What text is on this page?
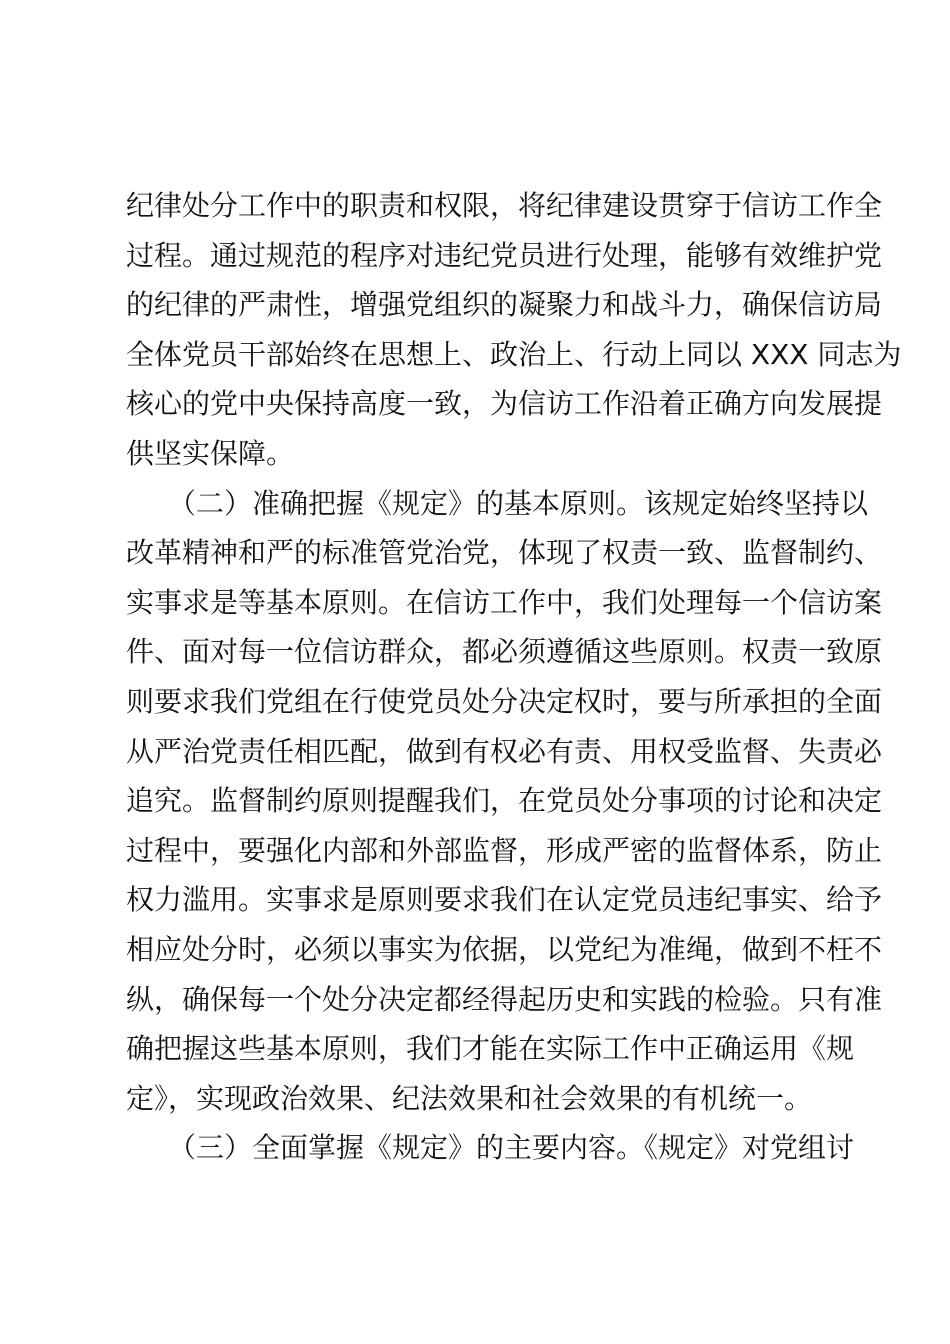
纪律处分工作中的职责和权限，将纪律建设贯穿于信访工作全
过程。通过规范的程序对违纪党员进行处理，能够有效维护党
的纪律的严肃性，增强党组织的凝聚力和战斗力，确保信访局
全体党员干部始终在思想上、政治上、行动上同以 XXX 同志为
核心的党中央保持高度一致，为信访工作沿着正确方向发展提
供坚实保障。
（二）准确把握《规定》的基本原则。该规定始终坚持以
改革精神和严的标准管党治党，体现了权责一致、监督制约、
实事求是等基本原则。在信访工作中，我们处理每一个信访案
件、面对每一位信访群众，都必须遵循这些原则。权责一致原
则要求我们党组在行使党员处分决定权时，要与所承担的全面
从严治党责任相匹配，做到有权必有责、用权受监督、失责必
追究。监督制约原则提醒我们，在党员处分事项的讨论和决定
过程中，要强化内部和外部监督，形成严密的监督体系，防止
权力滥用。实事求是原则要求我们在认定党员违纪事实、给予
相应处分时，必须以事实为依据，以党纪为准绳，做到不枉不
纵，确保每一个处分决定都经得起历史和实践的检验。只有准
确把握这些基本原则，我们才能在实际工作中正确运用《规
定》，实现政治效果、纪法效果和社会效果的有机统一。
（三）全面掌握《规定》的主要内容。《规定》对党组讨
